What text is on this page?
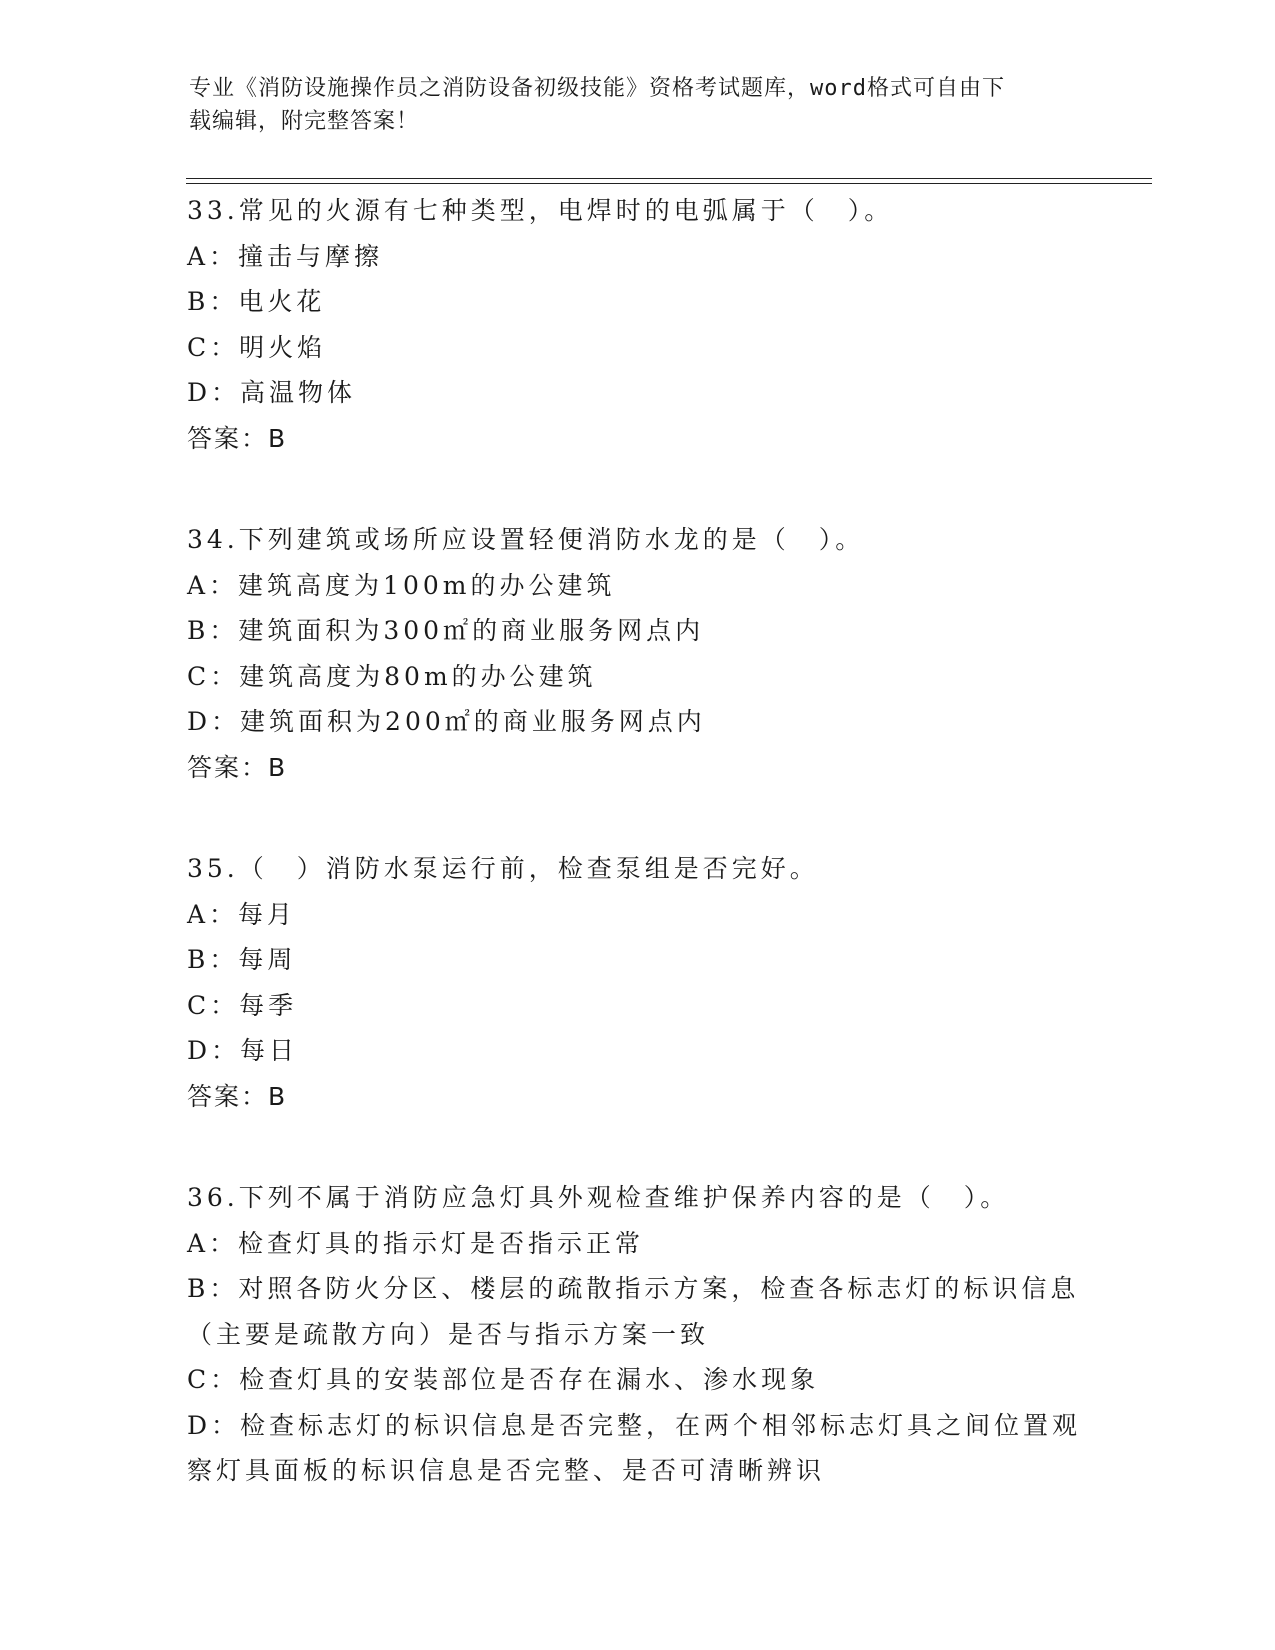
专业《消防设施操作员之消防设备初级技能》资格考试题库，word格式可自由下
载编辑，附完整答案！
33.常见的火源有七种类型，电焊时的电弧属于（　）。
A：撞击与摩擦
B：电火花
C：明火焰
D：高温物体
答案：B
34.下列建筑或场所应设置轻便消防水龙的是（　）。
A：建筑高度为100m的办公建筑
B：建筑面积为300㎡的商业服务网点内
C：建筑高度为80m的办公建筑
D：建筑面积为200㎡的商业服务网点内
答案：B
35.（　）消防水泵运行前，检查泵组是否完好。
A：每月
B：每周
C：每季
D：每日
答案：B
36.下列不属于消防应急灯具外观检查维护保养内容的是（　）。
A：检查灯具的指示灯是否指示正常
B：对照各防火分区、楼层的疏散指示方案，检查各标志灯的标识信息
（主要是疏散方向）是否与指示方案一致
C：检查灯具的安装部位是否存在漏水、渗水现象
D：检查标志灯的标识信息是否完整，在两个相邻标志灯具之间位置观
察灯具面板的标识信息是否完整、是否可清晰辨识
